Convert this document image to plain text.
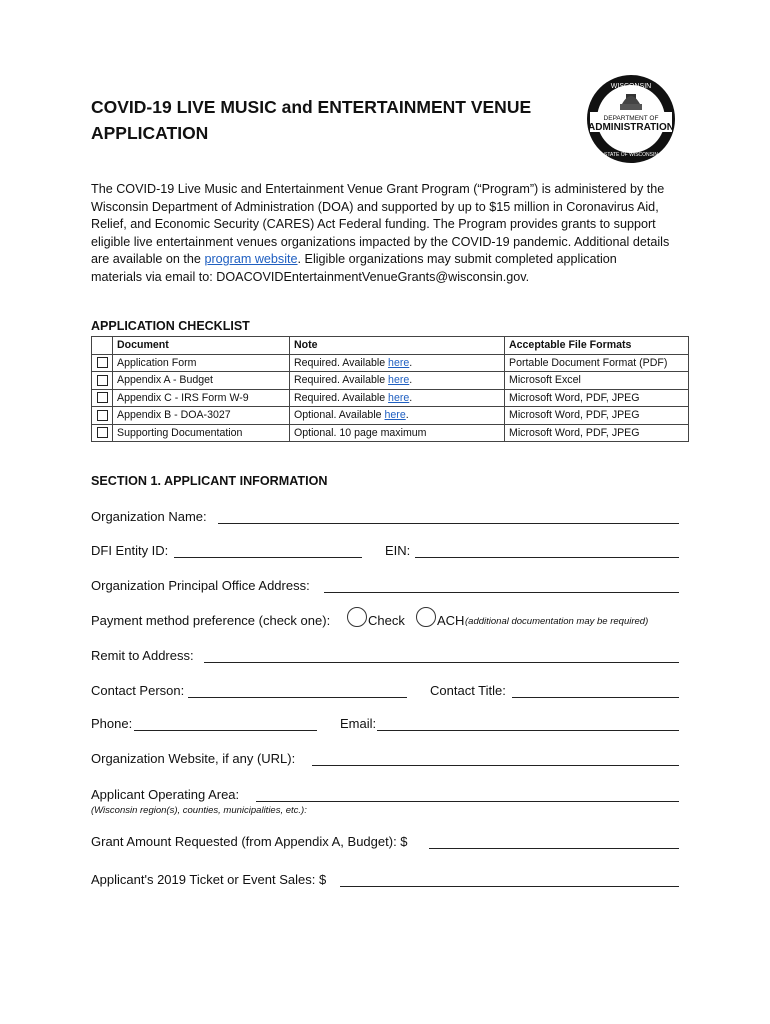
COVID-19 LIVE MUSIC and ENTERTAINMENT VENUE
APPLICATION
WISCONSIN
DEPARTMENT OF
ADMINISTRATION
STATE OF WISCONSIN
The COVID-19 Live Music and Entertainment Venue Grant Program (“Program”) is administered by the
Wisconsin Department of Administration (DOA) and supported by up to $15 million in Coronavirus Aid,
Relief, and Economic Security (CARES) Act Federal funding. The Program provides grants to support
eligible live entertainment venues organizations impacted by the COVID-19 pandemic. Additional details
are available on the program website. Eligible organizations may submit completed application
materials via email to: DOACOVIDEntertainmentVenueGrants@wisconsin.gov.
APPLICATION CHECKLIST
	Document	Note	Acceptable File Formats
	Application Form	Required. Available here.	Portable Document Format (PDF)
	Appendix A - Budget	Required. Available here.	Microsoft Excel
	Appendix C - IRS Form W-9	Required. Available here.	Microsoft Word, PDF, JPEG
	Appendix B - DOA-3027	Optional. Available here.	Microsoft Word, PDF, JPEG
	Supporting Documentation	Optional. 10 page maximum	Microsoft Word, PDF, JPEG
SECTION 1. APPLICANT INFORMATION
Organization Name:
DFI Entity ID:	EIN:
Organization Principal Office Address:
Payment method preference (check one):	Check ACH (additional documentation may be required)
Remit to Address:
Contact Person:	Contact Title:
Phone:	Email:
Organization Website, if any (URL):
Applicant Operating Area:
(Wisconsin region(s), counties, municipalities, etc.):
Grant Amount Requested (from Appendix A, Budget): $
Applicant's 2019 Ticket or Event Sales: $
